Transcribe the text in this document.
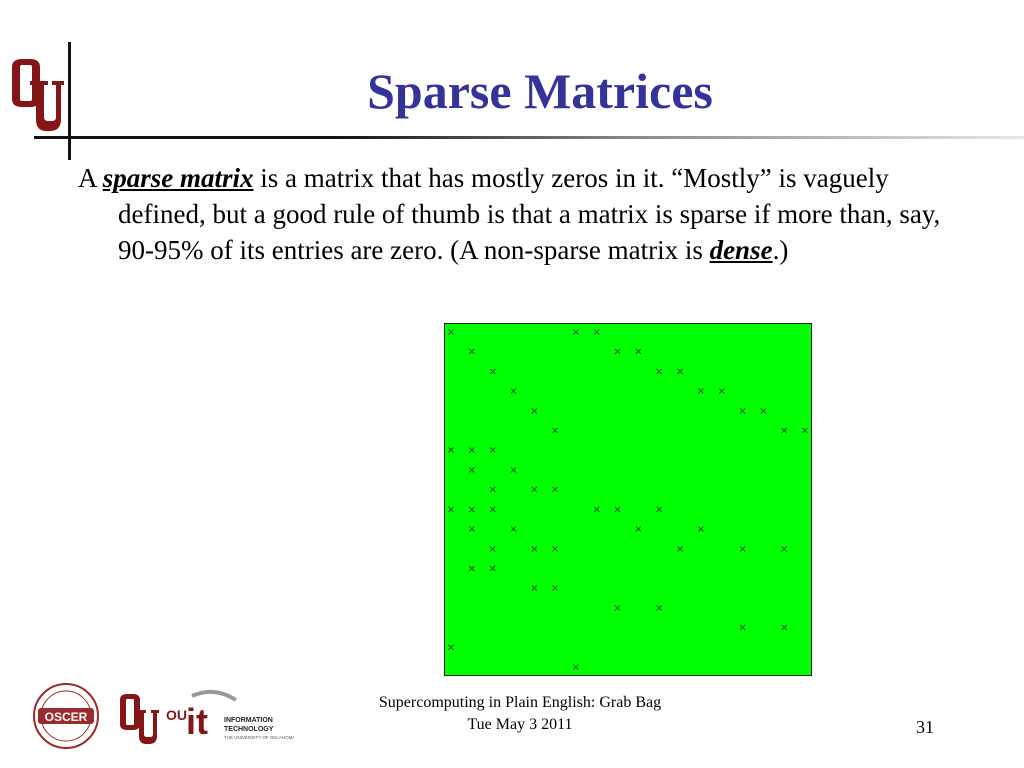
Sparse Matrices
A sparse matrix is a matrix that has mostly zeros in it. “Mostly” is vaguely defined, but a good rule of thumb is that a matrix is sparse if more than, say, 90-95% of its entries are zero. (A non-sparse matrix is dense.)
×	× ×
×	× ×
×	× ×
×	× ×
×	× ×
×	× ×
× × ×
×	×
×	× ×
× × ×	× ×	×
×	×	×	×
×	× ×	×	×	×
× ×
× ×
×	×
×	×
×
×
OSCER	OU it INFORMATION
TECHNOLOGY
THE UNIVERSITY OF OKLAHOMA
Supercomputing in Plain English: Grab Bag
Tue May 3 2011	31
